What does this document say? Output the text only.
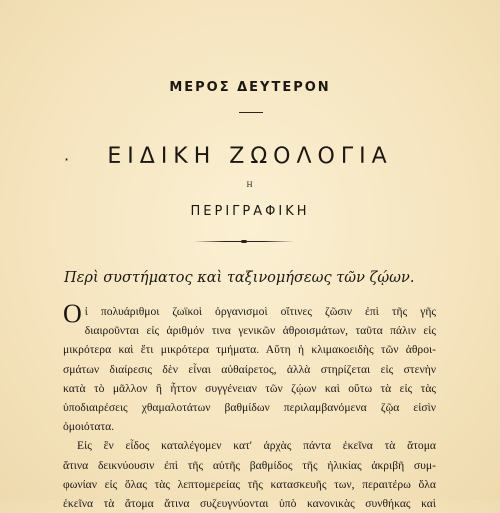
ΜΕΡΟΣ ΔΕΥΤΕΡΟΝ
· ΕΙΔΙΚΗ ΖΩΟΛΟΓΙΑ
Η
ΠΕΡΙΓΡΑΦΙΚΗ
Περὶ συστήματος καὶ ταξινομήσεως τῶν ζῴων.
Ο ἱ πολυάριθμοι ζωϊκοὶ ὀργανισμοὶ οἵτινες ζῶσιν ἐπὶ τῆς γῆς
διαιροῦνται εἰς ἀριθμόν τινα γενικῶν ἀθροισμάτων, ταῦτα πάλιν εἰς
μικρότερα καὶ ἔτι μικρότερα τμήματα. Αὕτη ἡ κλιμακοειδὴς τῶν ἀθροι-
σμάτων διαίρεσις δὲν εἶναι αὐθαίρετος, ἀλλὰ στηρίζεται εἰς στενὴν
κατὰ τὸ μᾶλλον ἢ ἧττον συγγένειαν τῶν ζῴων καὶ οὕτω τὰ εἰς τὰς
ὑποδιαιρέσεις χθαμαλοτάτων βαθμίδων περιλαμβανόμενα ζῷα εἰσὶν
ὁμοιότατα.
Εἰς ἓν εἶδος καταλέγομεν κατ' ἀρχὰς πάντα ἐκεῖνα τὰ ἄτομα
ἅτινα δεικνύουσιν ἐπὶ τῆς αὐτῆς βαθμίδος τῆς ἡλικίας ἀκριβῆ συμ-
φωνίαν εἰς ὅλας τὰς λεπτομερείας τῆς κατασκευῆς των, περαιτέρω ὅλα
ἐκεῖνα τὰ ἄτομα ἅτινα συζευγνύονται ὑπὸ κανονικὰς συνθήκας καὶ
